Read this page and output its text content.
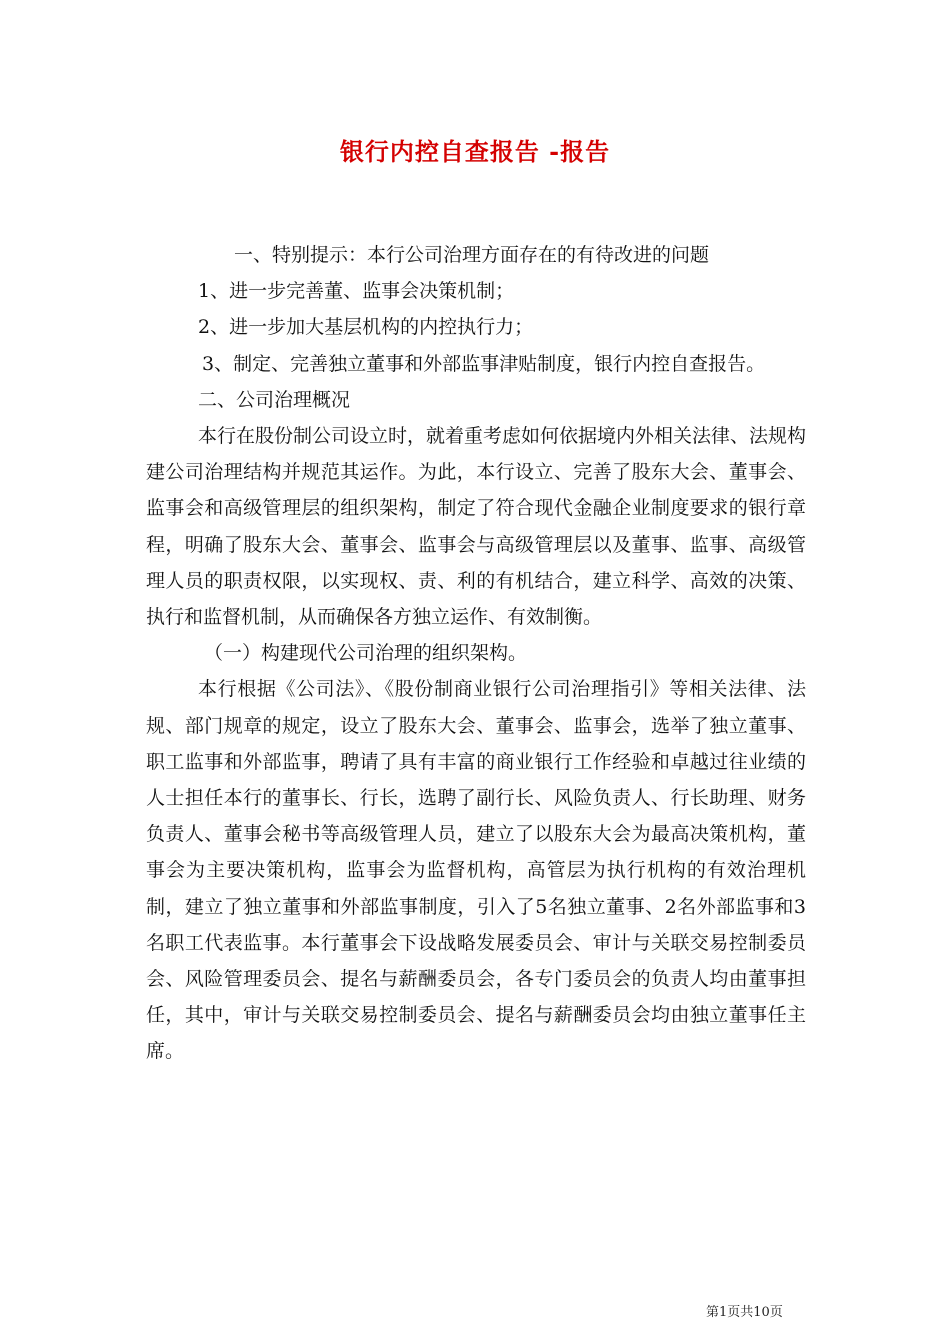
银行内控自查报告 -报告

一、特别提示：本行公司治理方面存在的有待改进的问题

1、进一步完善董、监事会决策机制；

2、进一步加大基层机构的内控执行力；

3、制定、完善独立董事和外部监事津贴制度，银行内控自查报告。

二、公司治理概况

本行在股份制公司设立时，就着重考虑如何依据境内外相关法律、法规构建公司治理结构并规范其运作。为此，本行设立、完善了股东大会、董事会、监事会和高级管理层的组织架构，制定了符合现代金融企业制度要求的银行章程，明确了股东大会、董事会、监事会与高级管理层以及董事、监事、高级管理人员的职责权限，以实现权、责、利的有机结合，建立科学、高效的决策、执行和监督机制，从而确保各方独立运作、有效制衡。

（一）构建现代公司治理的组织架构。

本行根据《公司法》、《股份制商业银行公司治理指引》等相关法律、法规、部门规章的规定，设立了股东大会、董事会、监事会，选举了独立董事、职工监事和外部监事，聘请了具有丰富的商业银行工作经验和卓越过往业绩的人士担任本行的董事长、行长，选聘了副行长、风险负责人、行长助理、财务负责人、董事会秘书等高级管理人员，建立了以股东大会为最高决策机构，董事会为主要决策机构，监事会为监督机构，高管层为执行机构的有效治理机制，建立了独立董事和外部监事制度，引入了5名独立董事、2名外部监事和3名职工代表监事。本行董事会下设战略发展委员会、审计与关联交易控制委员会、风险管理委员会、提名与薪酬委员会，各专门委员会的负责人均由董事担任，其中，审计与关联交易控制委员会、提名与薪酬委员会均由独立董事任主席。

第1页共10页
